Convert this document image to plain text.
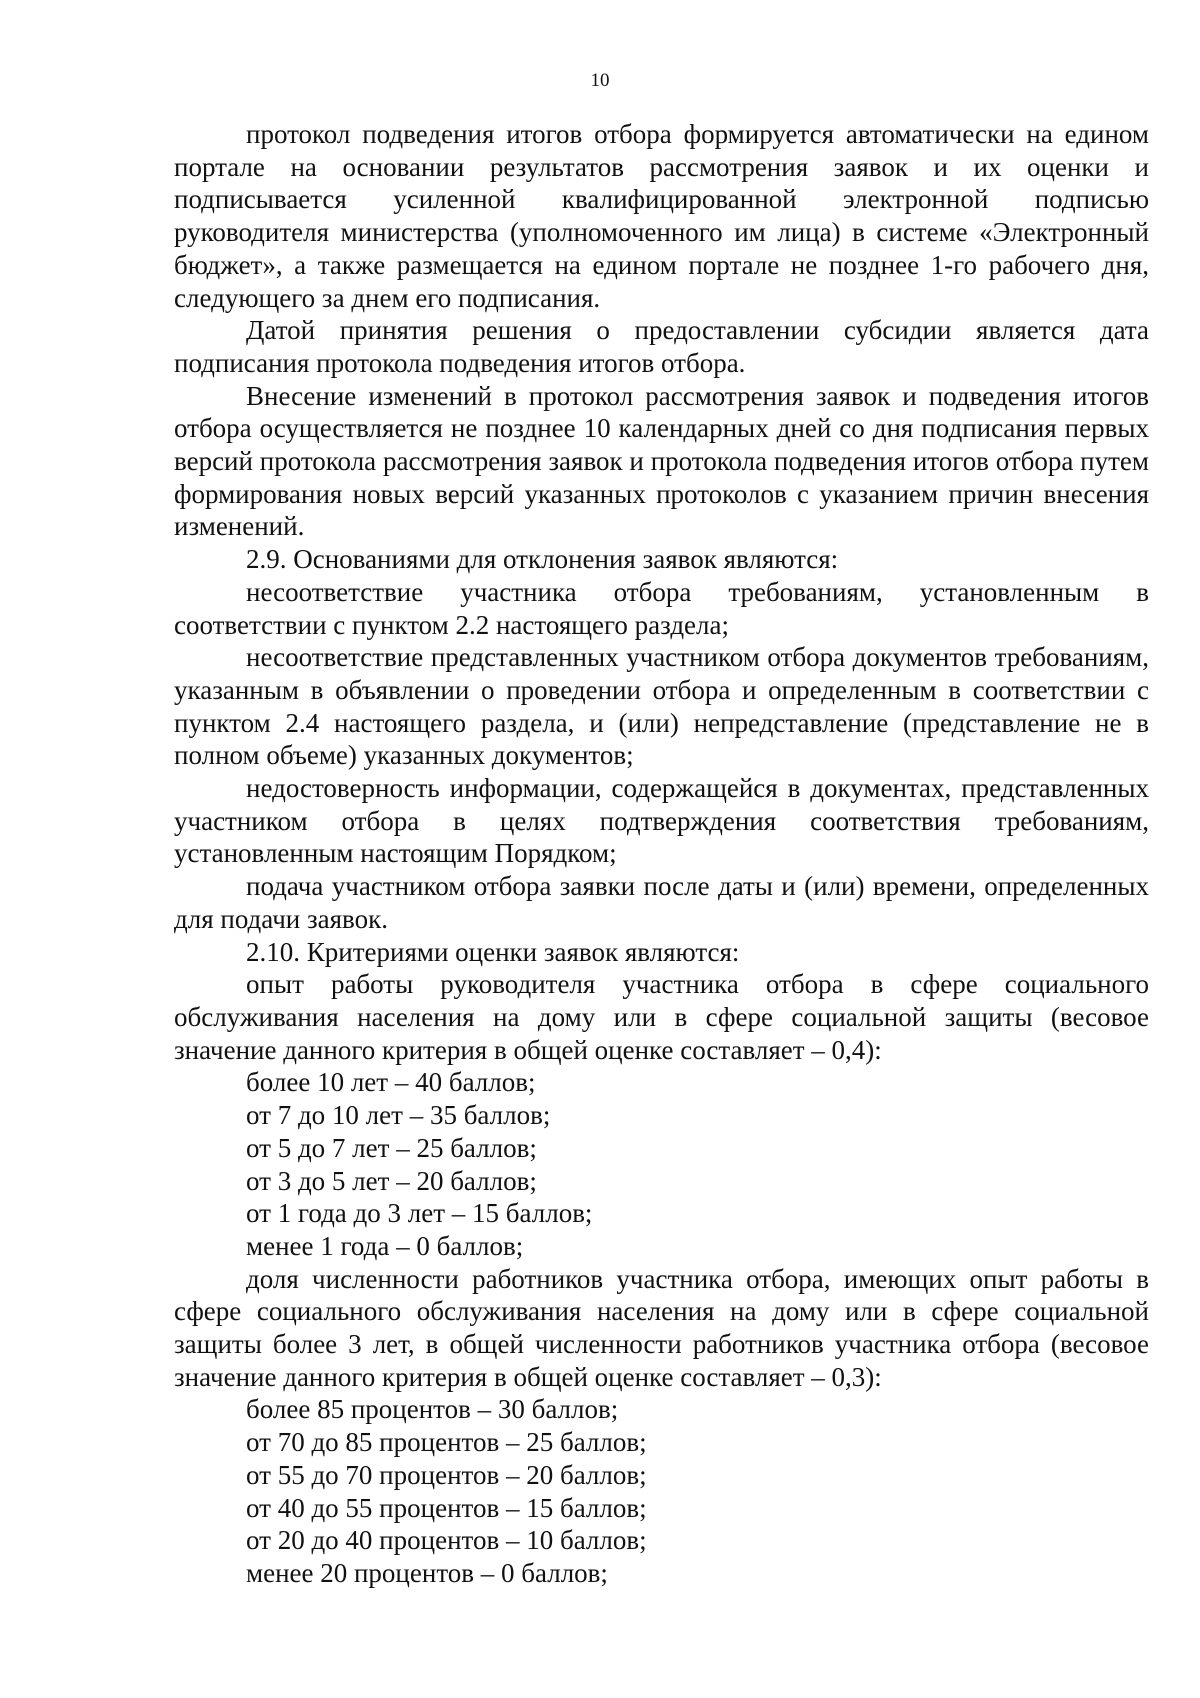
10

протокол подведения итогов отбора формируется автоматически на едином портале на основании результатов рассмотрения заявок и их оценки и подписывается усиленной квалифицированной электронной подписью руководителя министерства (уполномоченного им лица) в системе «Электронный бюджет», а также размещается на едином портале не позднее 1-го рабочего дня, следующего за днем его подписания.

Датой принятия решения о предоставлении субсидии является дата подписания протокола подведения итогов отбора.

Внесение изменений в протокол рассмотрения заявок и подведения итогов отбора осуществляется не позднее 10 календарных дней со дня подписания первых версий протокола рассмотрения заявок и протокола подведения итогов отбора путем формирования новых версий указанных протоколов с указанием причин внесения изменений.

2.9. Основаниями для отклонения заявок являются:

несоответствие участника отбора требованиям, установленным в соответствии с пунктом 2.2 настоящего раздела;

несоответствие представленных участником отбора документов требованиям, указанным в объявлении о проведении отбора и определенным в соответствии с пунктом 2.4 настоящего раздела, и (или) непредставление (представление не в полном объеме) указанных документов;

недостоверность информации, содержащейся в документах, представленных участником отбора в целях подтверждения соответствия требованиям, установленным настоящим Порядком;

подача участником отбора заявки после даты и (или) времени, определенных для подачи заявок.

2.10. Критериями оценки заявок являются:

опыт работы руководителя участника отбора в сфере социального обслуживания населения на дому или в сфере социальной защиты (весовое значение данного критерия в общей оценке составляет – 0,4):

более 10 лет – 40 баллов;

от 7 до 10 лет – 35 баллов;

от 5 до 7 лет – 25 баллов;

от 3 до 5 лет – 20 баллов;

от 1 года до 3 лет – 15 баллов;

менее 1 года – 0 баллов;

доля численности работников участника отбора, имеющих опыт работы в сфере социального обслуживания населения на дому или в сфере социальной защиты более 3 лет, в общей численности работников участника отбора (весовое значение данного критерия в общей оценке составляет – 0,3):

более 85 процентов – 30 баллов;

от 70 до 85 процентов – 25 баллов;

от 55 до 70 процентов – 20 баллов;

от 40 до 55 процентов – 15 баллов;

от 20 до 40 процентов – 10 баллов;

менее 20 процентов – 0 баллов;
